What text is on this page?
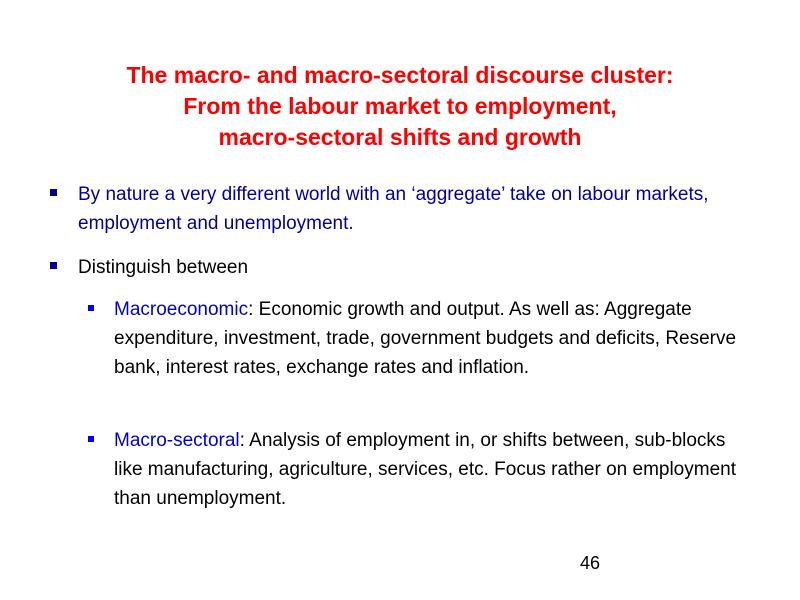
The macro- and macro-sectoral discourse cluster:
From the labour market to employment,
macro-sectoral shifts and growth
By nature a very different world with an ‘aggregate’ take on labour markets, employment and unemployment.
Distinguish between
Macroeconomic: Economic growth and output. As well as: Aggregate expenditure, investment, trade, government budgets and deficits, Reserve bank, interest rates, exchange rates and inflation.
Macro-sectoral: Analysis of employment in, or shifts between, sub-blocks like manufacturing, agriculture, services, etc. Focus rather on employment than unemployment.
46
